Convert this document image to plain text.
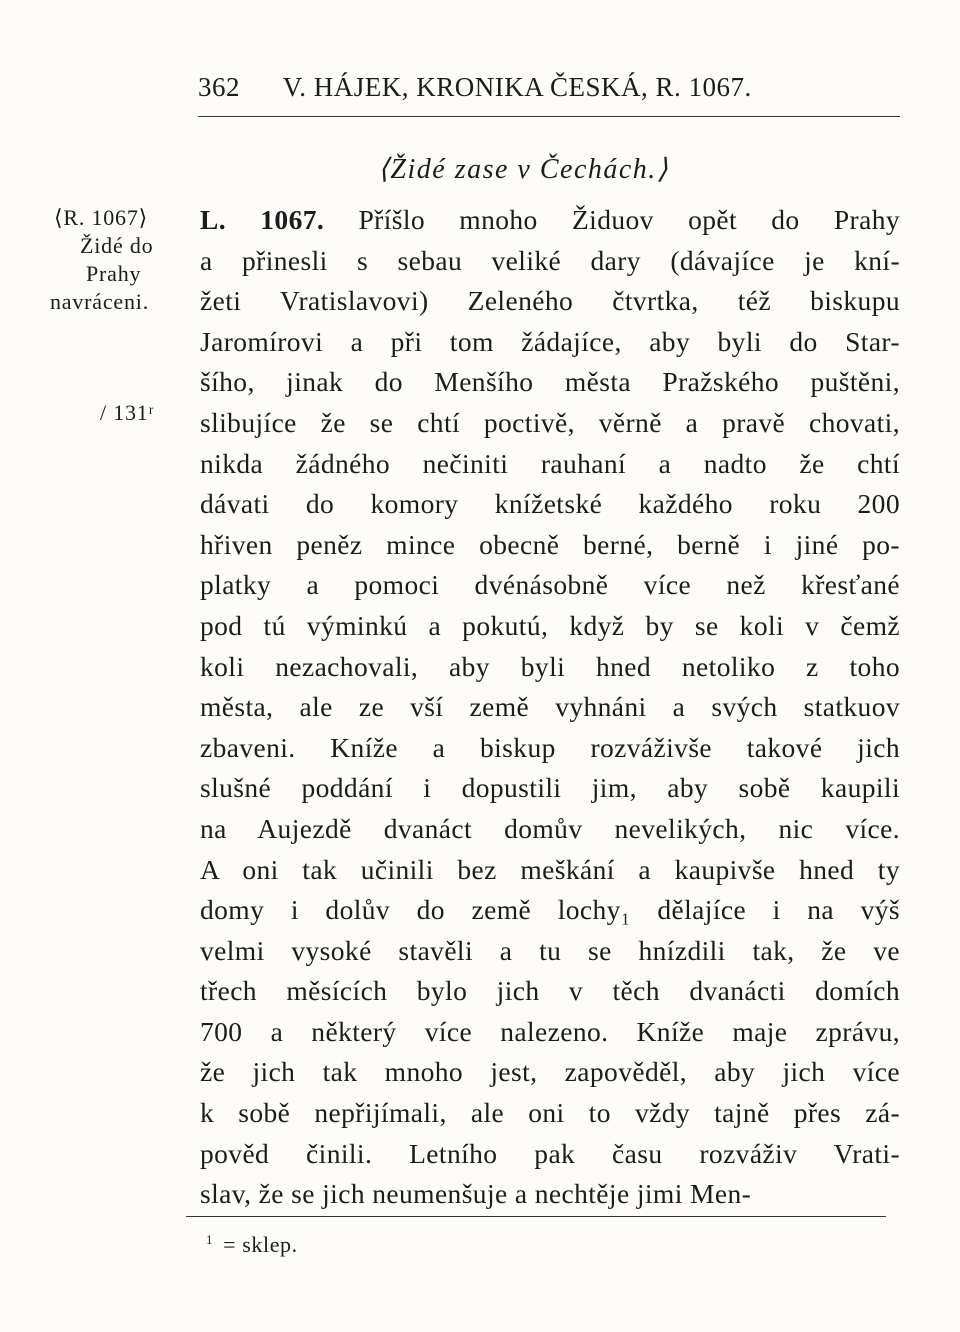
362 V. HÁJEK, KRONIKA ČESKÁ, R. 1067.
⟨Židé zase v Čechách.⟩
⟨R. 1067⟩
Židé do
Prahy
navráceni.
/ 131ʳ
L. 1067. Příšlo mnoho Židuov opět do Prahy
a přinesli s sebau veliké dary (dávajíce je kní-
žeti Vratislavovi) Zeleného čtvrtka, též biskupu
Jaromírovi a při tom žádajíce, aby byli do Star-
šího, jinak do Menšího města Pražského puštěni,
slibujíce že se chtí poctivě, věrně a pravě chovati,
nikda žádného nečiniti rauhaní a nadto že chtí
dávati do komory knížetské každého roku 200
hřiven peněz mince obecně berné, berně i jiné po-
platky a pomoci dvénásobně více než křesťané
pod tú výminkú a pokutú, když by se koli v čemž
koli nezachovali, aby byli hned netoliko z toho
města, ale ze vší země vyhnáni a svých statkuov
zbaveni. Kníže a biskup rozváživše takové jich
slušné poddání i dopustili jim, aby sobě kaupili
na Aujezdě dvanáct domův nevelikých, nic více.
A oni tak učinili bez meškání a kaupivše hned ty
domy i dolův do země lochy₁ dělajíce i na výš
velmi vysoké stavěli a tu se hnízdili tak, že ve
třech měsících bylo jich v těch dvanácti domích
700 a některý více nalezeno. Kníže maje zprávu,
že jich tak mnoho jest, zapověděl, aby jich více
k sobě nepřijímali, ale oni to vždy tajně přes zá-
pověd činili. Letního pak času rozváživ Vrati-
slav, že se jich neumenšuje a nechtěje jimi Men-
$^1$ = sklep.
